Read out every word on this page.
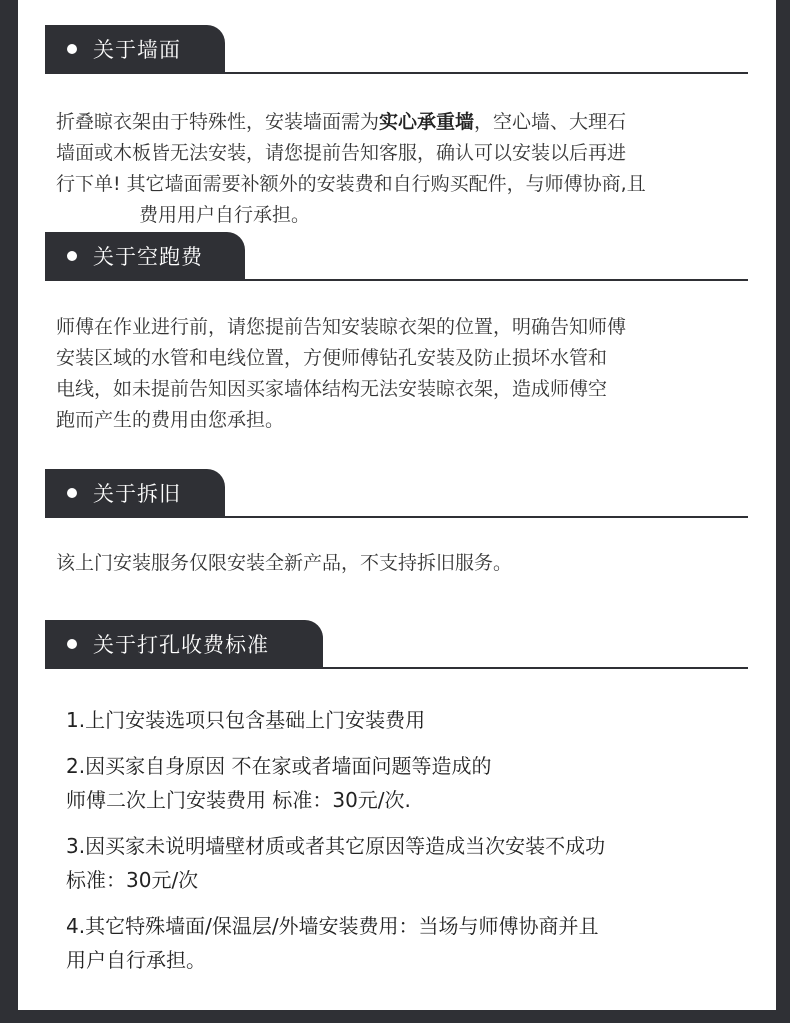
关于墙面
折叠晾衣架由于特殊性，安装墙面需为实心承重墙，空心墙、大理石
墙面或木板皆无法安装，请您提前告知客服，确认可以安装以后再进
行下单! 其它墙面需要补额外的安装费和自行购买配件，与师傅协商,且
费用用户自行承担。
关于空跑费
师傅在作业进行前，请您提前告知安装晾衣架的位置，明确告知师傅
安装区域的水管和电线位置，方便师傅钻孔安装及防止损坏水管和
电线，如未提前告知因买家墙体结构无法安装晾衣架，造成师傅空
跑而产生的费用由您承担。
关于拆旧
该上门安装服务仅限安装全新产品，不支持拆旧服务。
关于打孔收费标准
1.上门安装选项只包含基础上门安装费用
2.因买家自身原因 不在家或者墙面问题等造成的
师傅二次上门安装费用 标准：30元/次.
3.因买家未说明墙壁材质或者其它原因等造成当次安装不成功
标准：30元/次
4.其它特殊墙面/保温层/外墙安装费用：当场与师傅协商并且
用户自行承担。
